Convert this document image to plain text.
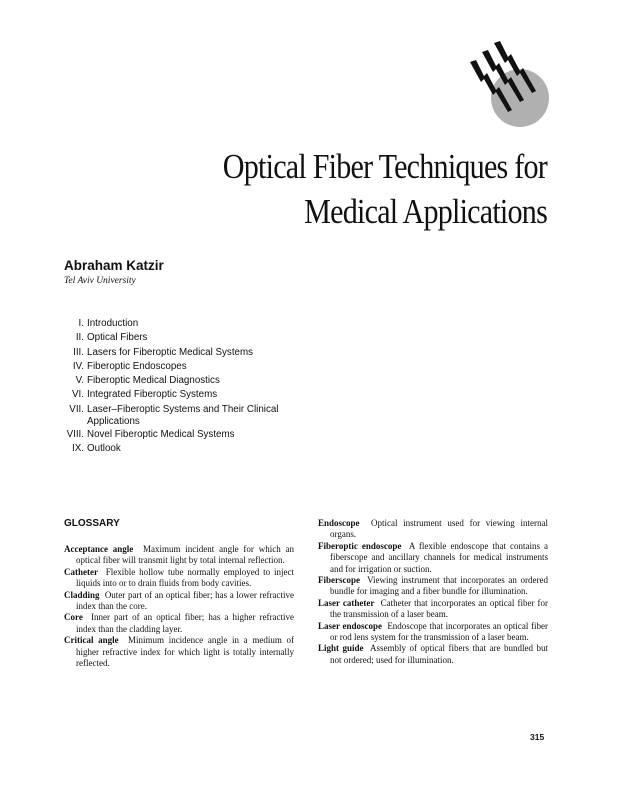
Optical Fiber Techniques for
Medical Applications
Abraham Katzir
Tel Aviv University
I. Introduction
II. Optical Fibers
III. Lasers for Fiberoptic Medical Systems
IV. Fiberoptic Endoscopes
V. Fiberoptic Medical Diagnostics
VI. Integrated Fiberoptic Systems
VII. Laser–Fiberoptic Systems and Their Clinical Applications
VIII. Novel Fiberoptic Medical Systems
IX. Outlook
GLOSSARY
Acceptance angle Maximum incident angle for which an optical fiber will transmit light by total internal reflection.
Catheter Flexible hollow tube normally employed to inject liquids into or to drain fluids from body cavities.
Cladding Outer part of an optical fiber; has a lower refractive index than the core.
Core Inner part of an optical fiber; has a higher refractive index than the cladding layer.
Critical angle Minimum incidence angle in a medium of higher refractive index for which light is totally internally reflected.
Endoscope Optical instrument used for viewing internal organs.
Fiberoptic endoscope A flexible endoscope that contains a fiberscope and ancillary channels for medical instruments and for irrigation or suction.
Fiberscope Viewing instrument that incorporates an ordered bundle for imaging and a fiber bundle for illumination.
Laser catheter Catheter that incorporates an optical fiber for the transmission of a laser beam.
Laser endoscope Endoscope that incorporates an optical fiber or rod lens system for the transmission of a laser beam.
Light guide Assembly of optical fibers that are bundled but not ordered; used for illumination.
315
